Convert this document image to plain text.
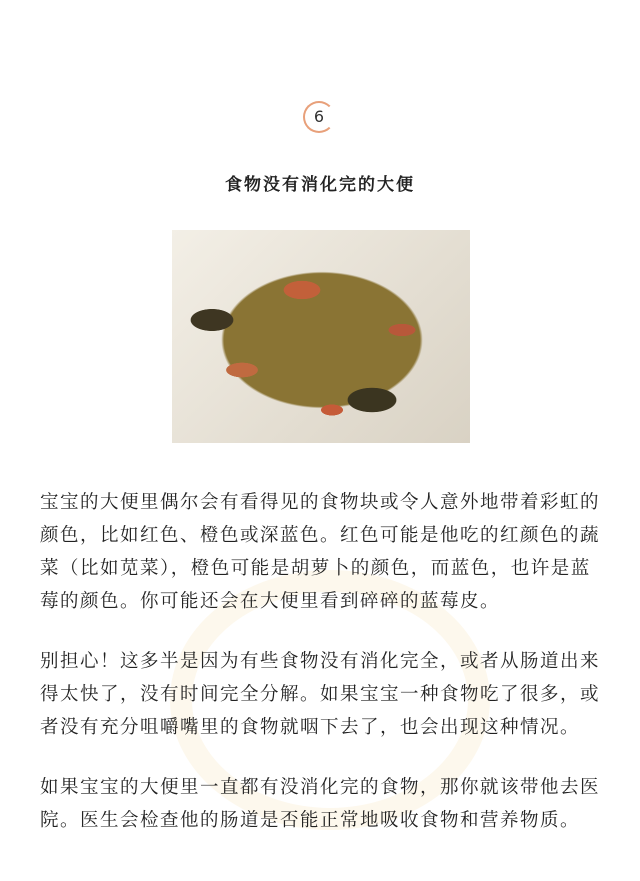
6
食物没有消化完的大便
宝宝的大便里偶尔会有看得见的食物块或令人意外地带着彩虹的
颜色，比如红色、橙色或深蓝色。红色可能是他吃的红颜色的蔬
菜（比如苋菜），橙色可能是胡萝卜的颜色，而蓝色，也许是蓝
莓的颜色。你可能还会在大便里看到碎碎的蓝莓皮。
别担心！这多半是因为有些食物没有消化完全，或者从肠道出来
得太快了，没有时间完全分解。如果宝宝一种食物吃了很多，或
者没有充分咀嚼嘴里的食物就咽下去了，也会出现这种情况。
如果宝宝的大便里一直都有没消化完的食物，那你就该带他去医
院。医生会检查他的肠道是否能正常地吸收食物和营养物质。
